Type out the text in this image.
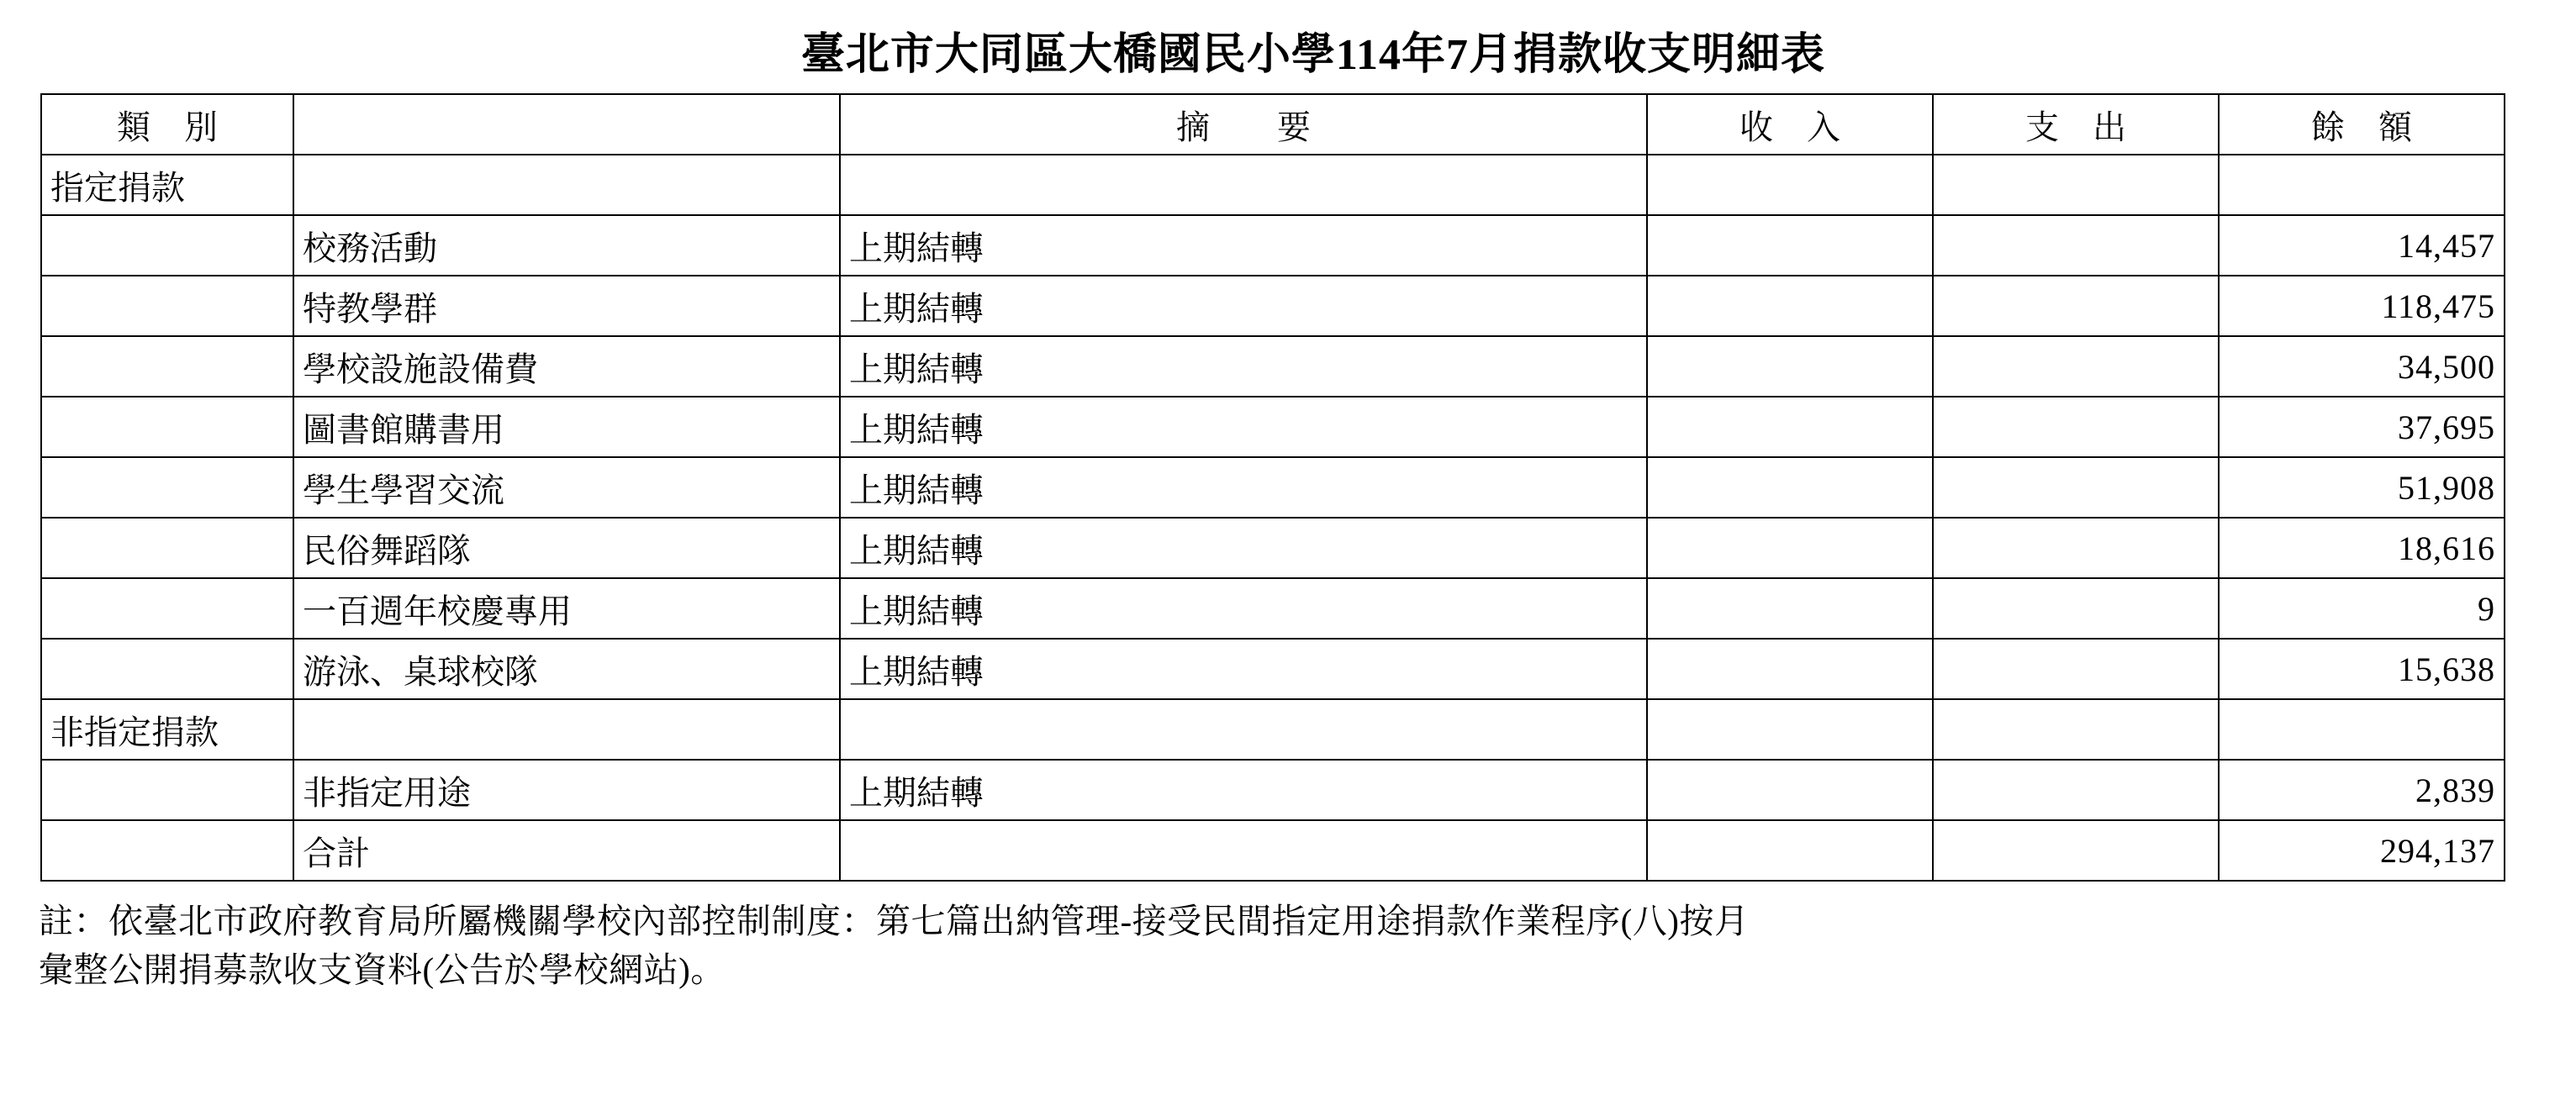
臺北市大同區大橋國民小學114年7月捐款收支明細表
類　別		摘　　要	收　入	支　出	餘　額
指定捐款					
	校務活動	上期結轉			14,457
	特教學群	上期結轉			118,475
	學校設施設備費	上期結轉			34,500
	圖書館購書用	上期結轉			37,695
	學生學習交流	上期結轉			51,908
	民俗舞蹈隊	上期結轉			18,616
	一百週年校慶專用	上期結轉			9
	游泳、桌球校隊	上期結轉			15,638
非指定捐款					
	非指定用途	上期結轉			2,839
	合計				294,137
註：依臺北市政府教育局所屬機關學校內部控制制度：第七篇出納管理-接受民間指定用途捐款作業程序(八)按月
彙整公開捐募款收支資料(公告於學校網站)。
